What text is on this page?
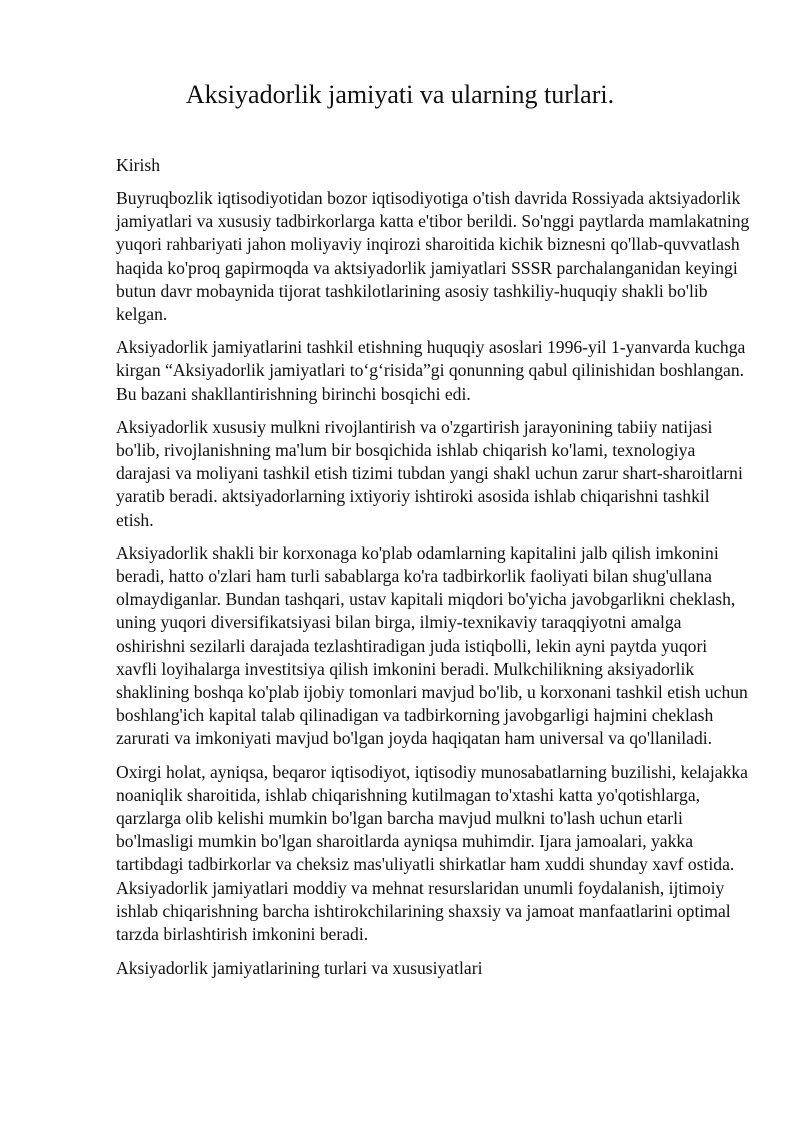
Aksiyadorlik jamiyati va ularning turlari.
Kirish

Buyruqbozlik iqtisodiyotidan bozor iqtisodiyotiga o'tish davrida Rossiyada aktsiyadorlik jamiyatlari va xususiy tadbirkorlarga katta e'tibor berildi. So'nggi paytlarda mamlakatning yuqori rahbariyati jahon moliyaviy inqirozi sharoitida kichik biznesni qo'llab-quvvatlash haqida ko'proq gapirmoqda va aktsiyadorlik jamiyatlari SSSR parchalanganidan keyingi butun davr mobaynida tijorat tashkilotlarining asosiy tashkiliy-huquqiy shakli bo'lib kelgan.

Aksiyadorlik jamiyatlarini tashkil etishning huquqiy asoslari 1996-yil 1-yanvarda kuchga kirgan “Aksiyadorlik jamiyatlari to‘g‘risida”gi qonunning qabul qilinishidan boshlangan. Bu bazani shakllantirishning birinchi bosqichi edi.

Aksiyadorlik xususiy mulkni rivojlantirish va o'zgartirish jarayonining tabiiy natijasi bo'lib, rivojlanishning ma'lum bir bosqichida ishlab chiqarish ko'lami, texnologiya darajasi va moliyani tashkil etish tizimi tubdan yangi shakl uchun zarur shart-sharoitlarni yaratib beradi. aktsiyadorlarning ixtiyoriy ishtiroki asosida ishlab chiqarishni tashkil etish.

Aksiyadorlik shakli bir korxonaga ko'plab odamlarning kapitalini jalb qilish imkonini beradi, hatto o'zlari ham turli sabablarga ko'ra tadbirkorlik faoliyati bilan shug'ullana olmaydiganlar. Bundan tashqari, ustav kapitali miqdori bo'yicha javobgarlikni cheklash, uning yuqori diversifikatsiyasi bilan birga, ilmiy-texnikaviy taraqqiyotni amalga oshirishni sezilarli darajada tezlashtiradigan juda istiqbolli, lekin ayni paytda yuqori xavfli loyihalarga investitsiya qilish imkonini beradi. Mulkchilikning aksiyadorlik shaklining boshqa ko'plab ijobiy tomonlari mavjud bo'lib, u korxonani tashkil etish uchun boshlang'ich kapital talab qilinadigan va tadbirkorning javobgarligi hajmini cheklash zarurati va imkoniyati mavjud bo'lgan joyda haqiqatan ham universal va qo'llaniladi.

Oxirgi holat, ayniqsa, beqaror iqtisodiyot, iqtisodiy munosabatlarning buzilishi, kelajakka noaniqlik sharoitida, ishlab chiqarishning kutilmagan to'xtashi katta yo'qotishlarga, qarzlarga olib kelishi mumkin bo'lgan barcha mavjud mulkni to'lash uchun etarli bo'lmasligi mumkin bo'lgan sharoitlarda ayniqsa muhimdir. Ijara jamoalari, yakka tartibdagi tadbirkorlar va cheksiz mas'uliyatli shirkatlar ham xuddi shunday xavf ostida. Aksiyadorlik jamiyatlari moddiy va mehnat resurslaridan unumli foydalanish, ijtimoiy ishlab chiqarishning barcha ishtirokchilarining shaxsiy va jamoat manfaatlarini optimal tarzda birlashtirish imkonini beradi.

Aksiyadorlik jamiyatlarining turlari va xususiyatlari
